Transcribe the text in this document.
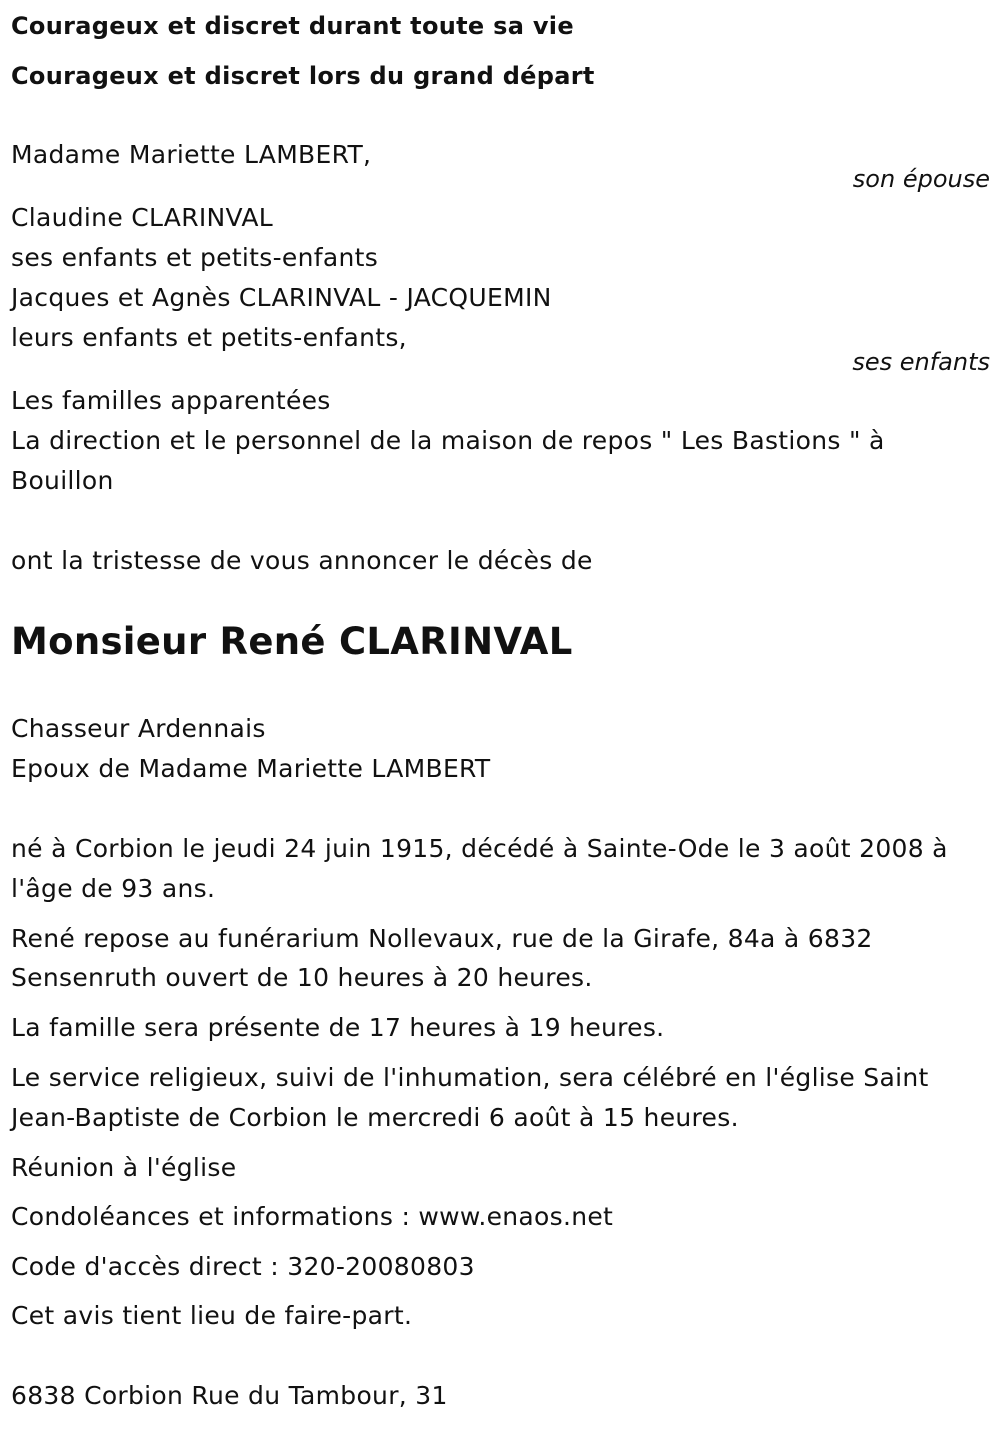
Courageux et discret durant toute sa vie
Courageux et discret lors du grand départ
Madame Mariette LAMBERT,
son épouse
Claudine CLARINVAL
ses enfants et petits-enfants
Jacques et Agnès CLARINVAL - JACQUEMIN
leurs enfants et petits-enfants,
ses enfants
Les familles apparentées
La direction et le personnel de la maison de repos " Les Bastions " à
Bouillon
ont la tristesse de vous annoncer le décès de
Monsieur René CLARINVAL
Chasseur Ardennais
Epoux de Madame Mariette LAMBERT
né à Corbion le jeudi 24 juin 1915, décédé à Sainte-Ode le 3 août 2008 à
l'âge de 93 ans.
René repose au funérarium Nollevaux, rue de la Girafe, 84a à 6832
Sensenruth ouvert de 10 heures à 20 heures.
La famille sera présente de 17 heures à 19 heures.
Le service religieux, suivi de l'inhumation, sera célébré en l'église Saint
Jean-Baptiste de Corbion le mercredi 6 août à 15 heures.
Réunion à l'église
Condoléances et informations : www.enaos.net
Code d'accès direct : 320-20080803
Cet avis tient lieu de faire-part.
6838 Corbion Rue du Tambour, 31
